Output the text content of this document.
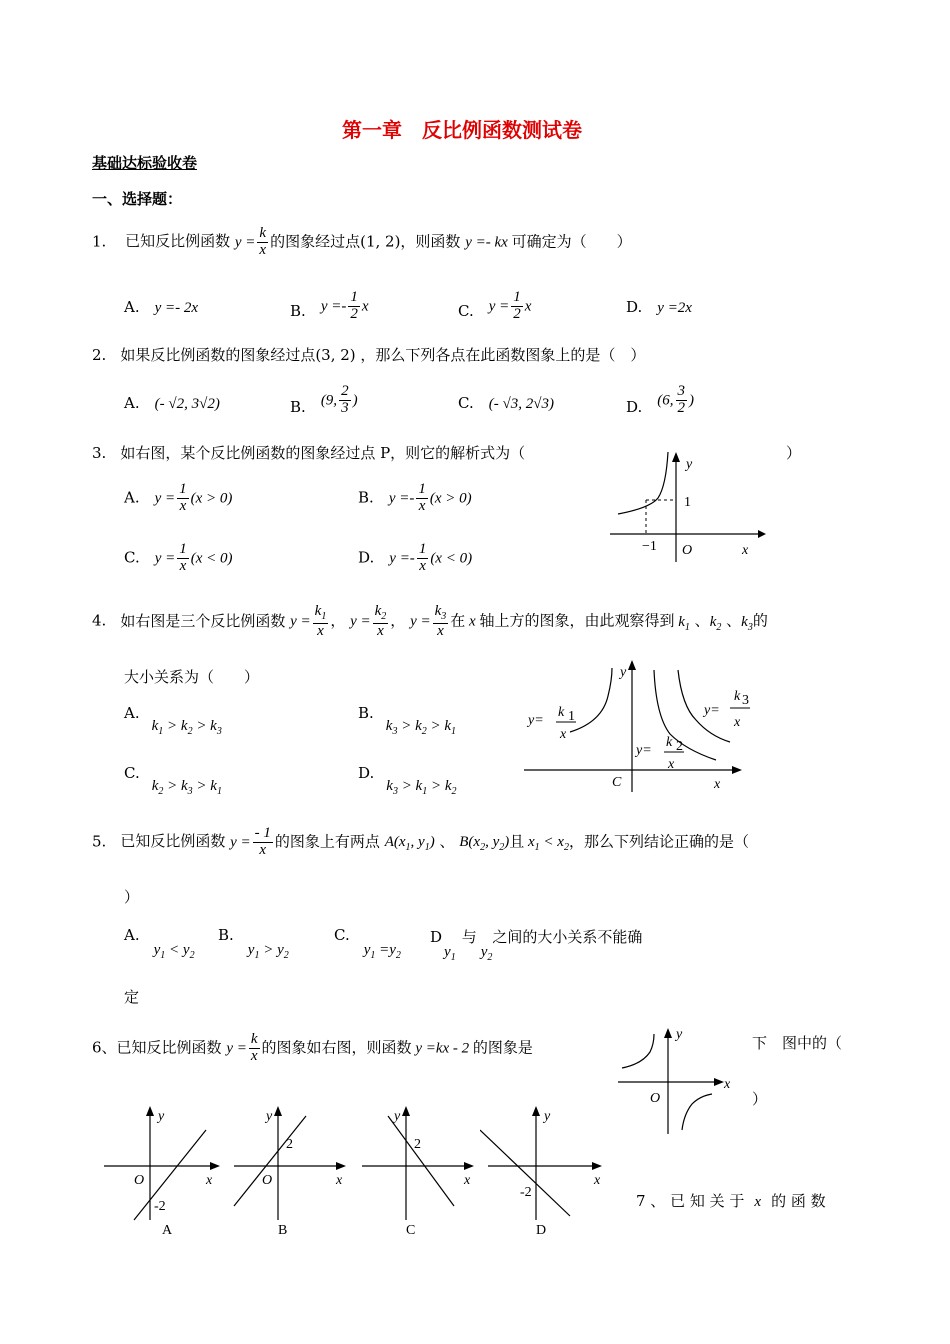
第一章　反比例函数测试卷
基础达标验收卷
一、选择题：
1. 已知反比例函数 $y = \frac{k}{x}$ 的图象经过点(1, 2)，则函数 y =- kx 可确定为（　　）
A.　 y =- 2x	B.　 $y =- \frac{1}{2}$ x	C.　 $y = \frac{1}{2}$ x	D.　 y =2x
2. 如果反比例函数的图象经过点(3, 2) ，那么下列各点在此函数图象上的是（　）
A.　 (- √2, 3√2)	B.　 (9, $\frac{2}{3}$ )	C.　 (- √3, 2√3)	D.　 (6, $\frac{3}{2}$ )
3. 如右图，某个反比例函数的图象经过点 P，则它的解析式为（	）
A.　 $y = \frac{1}{x} (x > 0)$	B.　 $y =- \frac{1}{x} (x > 0)$
C.　 $y = \frac{1}{x} (x < 0)$	D.　 $y =- \frac{1}{x} (x < 0)$
y
1
−1 O	x
4. 如右图是三个反比例函数 $y = \frac{k_1}{x}$ ， $y = \frac{k_2}{x}$ ， $y = \frac{k_3}{x}$ 在 x 轴上方的图象，由此观察得到 $k_1$ 、$k_2$ 、$k_3$的
大小关系为（　　）
$A.k_1 > k_2 > k_3$
$B.k_3 > k_2 > k_1$
$C.k_2 > k_3 > k_1$
$D.k_3 > k_1 > k_2$
y
C	x
y=
k 1
x
y=
k 2
x
y=
k 3
x
5. 已知反比例函数 $y = \frac{- 1}{x}$ 的图象上有两点 $A(x_1$, $y_1$) 、 $B(x_2$, $y_2$)且 $x_1 < x_2$，那么下列结论正确的是（
）
$A.y_1 < y_2$
$B.y_1 > y_2$
$C.y_1 =y_2$
$Dy_1$与$y_2$之间的大小关系不能确
定
6、已知反比例函数 $y = \frac{k}{x}$ 的图象如右图，则函数 y =kx - 2 的图象是	下　图中的（
）
y
x
O
y
x
O
-2
A
y
x
O
2
B
y
x
2
C
y
x
-2
D
7 、 已 知 关 于 x 的 函 数
